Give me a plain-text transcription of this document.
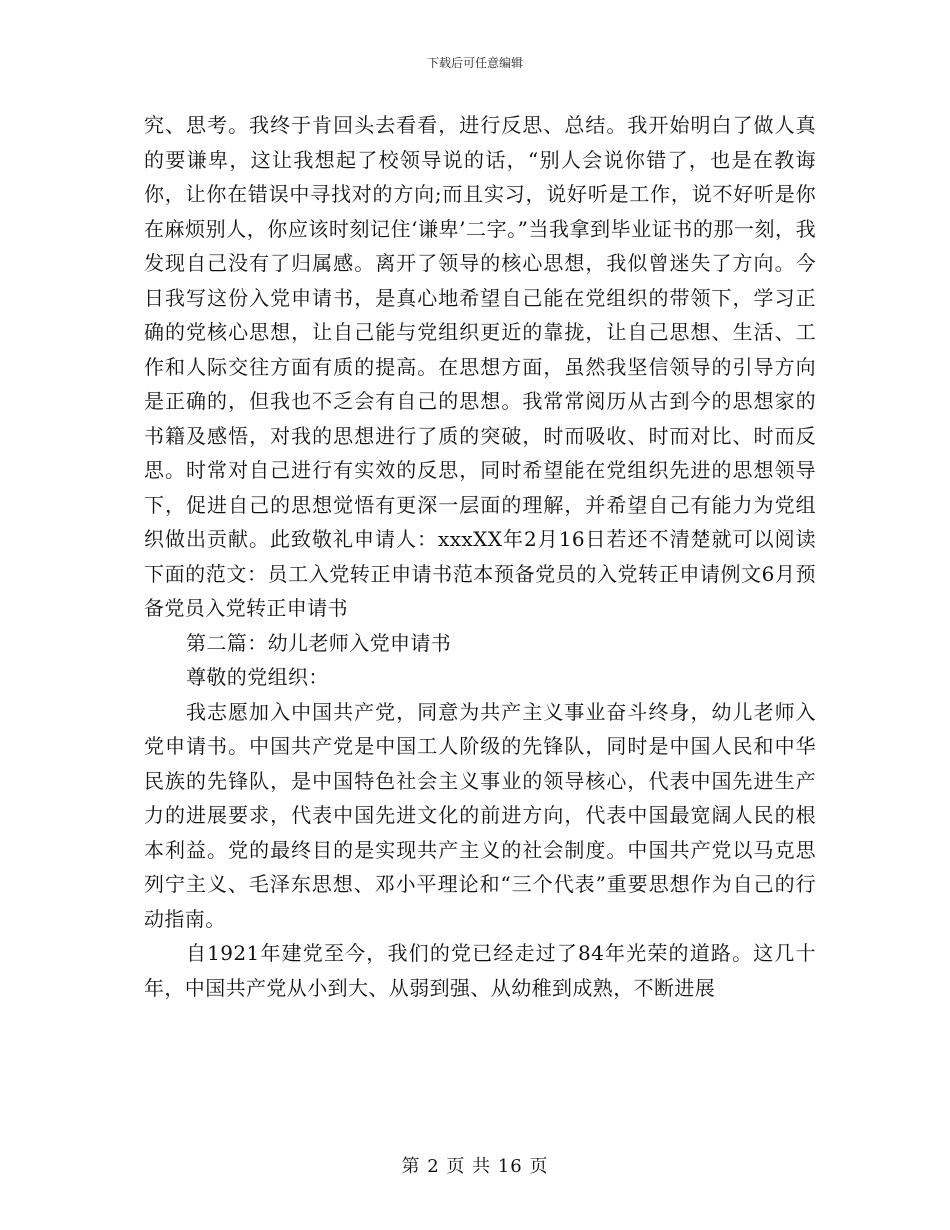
下载后可任意编辑

究、思考。我终于肯回头去看看，进行反思、总结。我开始明白了做人真的要谦卑，这让我想起了校领导说的话，“别人会说你错了，也是在教诲你，让你在错误中寻找对的方向;而且实习，说好听是工作，说不好听是你在麻烦别人，你应该时刻记住‘谦卑’二字。”当我拿到毕业证书的那一刻，我发现自己没有了归属感。离开了领导的核心思想，我似曾迷失了方向。今日我写这份入党申请书，是真心地希望自己能在党组织的带领下，学习正确的党核心思想，让自己能与党组织更近的靠拢，让自己思想、生活、工作和人际交往方面有质的提高。在思想方面，虽然我坚信领导的引导方向是正确的，但我也不乏会有自己的思想。我常常阅历从古到今的思想家的书籍及感悟，对我的思想进行了质的突破，时而吸收、时而对比、时而反思。时常对自己进行有实效的反思，同时希望能在党组织先进的思想领导下，促进自己的思想觉悟有更深一层面的理解，并希望自己有能力为党组织做出贡献。此致敬礼申请人：xxxXX年2月16日若还不清楚就可以阅读下面的范文：员工入党转正申请书范本预备党员的入党转正申请例文6月预备党员入党转正申请书

第二篇：幼儿老师入党申请书

尊敬的党组织：

我志愿加入中国共产党，同意为共产主义事业奋斗终身，幼儿老师入党申请书。中国共产党是中国工人阶级的先锋队，同时是中国人民和中华民族的先锋队，是中国特色社会主义事业的领导核心，代表中国先进生产力的进展要求，代表中国先进文化的前进方向，代表中国最宽阔人民的根本利益。党的最终目的是实现共产主义的社会制度。中国共产党以马克思列宁主义、毛泽东思想、邓小平理论和“三个代表”重要思想作为自己的行动指南。

自1921年建党至今，我们的党已经走过了84年光荣的道路。这几十年，中国共产党从小到大、从弱到强、从幼稚到成熟，不断进展

第 2 页 共 16 页
